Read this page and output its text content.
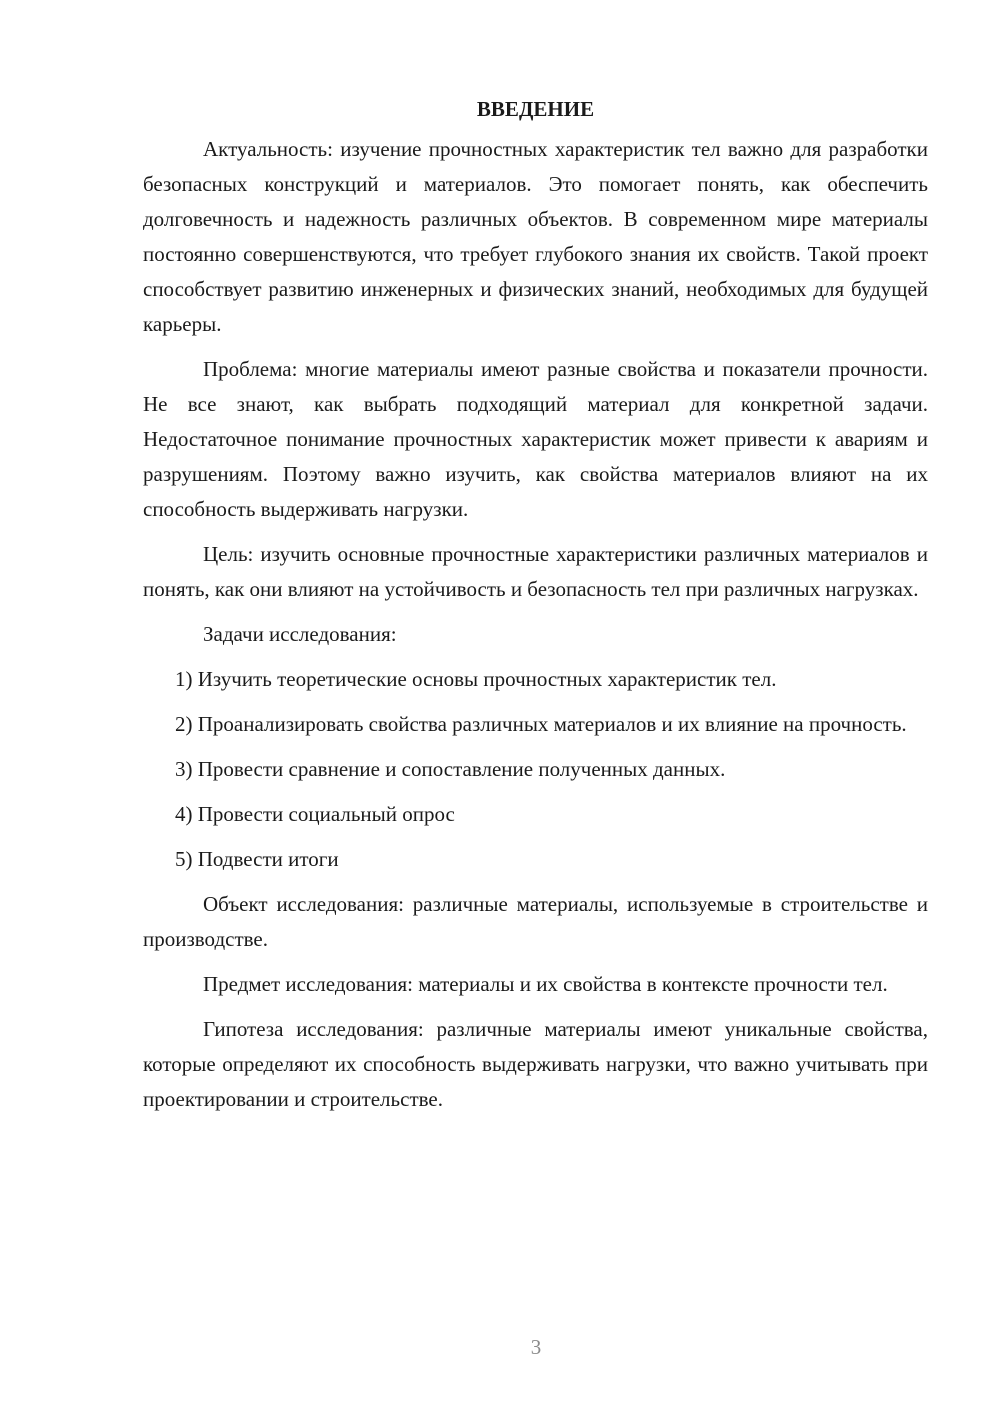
ВВЕДЕНИЕ

Актуальность: изучение прочностных характеристик тел важно для разработки безопасных конструкций и материалов. Это помогает понять, как обеспечить долговечность и надежность различных объектов. В современном мире материалы постоянно совершенствуются, что требует глубокого знания их свойств. Такой проект способствует развитию инженерных и физических знаний, необходимых для будущей карьеры.

Проблема: многие материалы имеют разные свойства и показатели прочности. Не все знают, как выбрать подходящий материал для конкретной задачи. Недостаточное понимание прочностных характеристик может привести к авариям и разрушениям. Поэтому важно изучить, как свойства материалов влияют на их способность выдерживать нагрузки.

Цель: изучить основные прочностные характеристики различных материалов и понять, как они влияют на устойчивость и безопасность тел при различных нагрузках.

Задачи исследования:

1) Изучить теоретические основы прочностных характеристик тел.

2) Проанализировать свойства различных материалов и их влияние на прочность.

3) Провести сравнение и сопоставление полученных данных.

4) Провести социальный опрос

5) Подвести итоги

Объект исследования: различные материалы, используемые в строительстве и производстве.

Предмет исследования: материалы и их свойства в контексте прочности тел.

Гипотеза исследования: различные материалы имеют уникальные свойства, которые определяют их способность выдерживать нагрузки, что важно учитывать при проектировании и строительстве.

3
